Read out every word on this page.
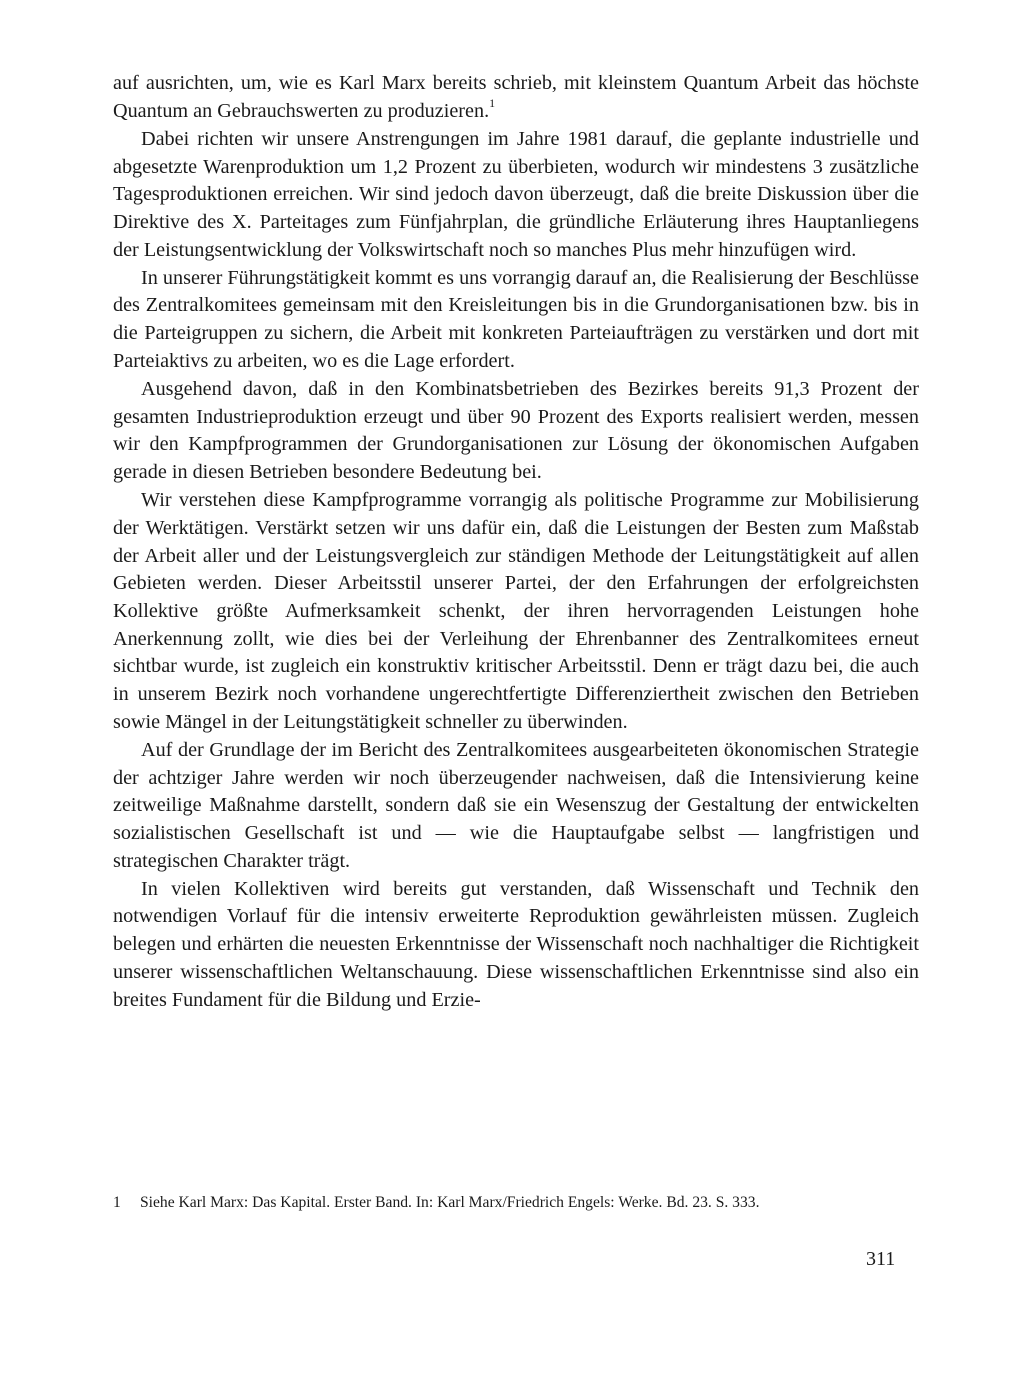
auf ausrichten, um, wie es Karl Marx bereits schrieb, mit kleinstem Quantum Arbeit das höchste Quantum an Gebrauchswerten zu produzieren.$^1$

Dabei richten wir unsere Anstrengungen im Jahre 1981 darauf, die geplante industrielle und abgesetzte Warenproduktion um 1,2 Prozent zu überbieten, wodurch wir mindestens 3 zusätzliche Tagesproduktionen erreichen. Wir sind jedoch davon überzeugt, daß die breite Diskussion über die Direktive des X. Parteitages zum Fünfjahrplan, die gründliche Erläuterung ihres Hauptanliegens der Leistungsentwicklung der Volkswirtschaft noch so manches Plus mehr hinzufügen wird.

In unserer Führungstätigkeit kommt es uns vorrangig darauf an, die Realisierung der Beschlüsse des Zentralkomitees gemeinsam mit den Kreisleitungen bis in die Grundorganisationen bzw. bis in die Parteigruppen zu sichern, die Arbeit mit konkreten Parteiaufträgen zu verstärken und dort mit Parteiaktivs zu arbeiten, wo es die Lage erfordert.

Ausgehend davon, daß in den Kombinatsbetrieben des Bezirkes bereits 91,3 Prozent der gesamten Industrieproduktion erzeugt und über 90 Prozent des Exports realisiert werden, messen wir den Kampfprogrammen der Grundorganisationen zur Lösung der ökonomischen Aufgaben gerade in diesen Betrieben besondere Bedeutung bei.

Wir verstehen diese Kampfprogramme vorrangig als politische Programme zur Mobilisierung der Werktätigen. Verstärkt setzen wir uns dafür ein, daß die Leistungen der Besten zum Maßstab der Arbeit aller und der Leistungsvergleich zur ständigen Methode der Leitungstätigkeit auf allen Gebieten werden. Dieser Arbeitsstil unserer Partei, der den Erfahrungen der erfolgreichsten Kollektive größte Aufmerksamkeit schenkt, der ihren hervorragenden Leistungen hohe Anerkennung zollt, wie dies bei der Verleihung der Ehrenbanner des Zentralkomitees erneut sichtbar wurde, ist zugleich ein konstruktiv kritischer Arbeitsstil. Denn er trägt dazu bei, die auch in unserem Bezirk noch vorhandene ungerechtfertigte Differenziertheit zwischen den Betrieben sowie Mängel in der Leitungstätigkeit schneller zu überwinden.

Auf der Grundlage der im Bericht des Zentralkomitees ausgearbeiteten ökonomischen Strategie der achtziger Jahre werden wir noch überzeugender nachweisen, daß die Intensivierung keine zeitweilige Maßnahme darstellt, sondern daß sie ein Wesenszug der Gestaltung der entwickelten sozialistischen Gesellschaft ist und — wie die Hauptaufgabe selbst — langfristigen und strategischen Charakter trägt.

In vielen Kollektiven wird bereits gut verstanden, daß Wissenschaft und Technik den notwendigen Vorlauf für die intensiv erweiterte Reproduktion gewährleisten müssen. Zugleich belegen und erhärten die neuesten Erkenntnisse der Wissenschaft noch nachhaltiger die Richtigkeit unserer wissenschaftlichen Weltanschauung. Diese wissenschaftlichen Erkenntnisse sind also ein breites Fundament für die Bildung und Erzie-

1 Siehe Karl Marx: Das Kapital. Erster Band. In: Karl Marx/Friedrich Engels: Werke. Bd. 23. S. 333.
311
